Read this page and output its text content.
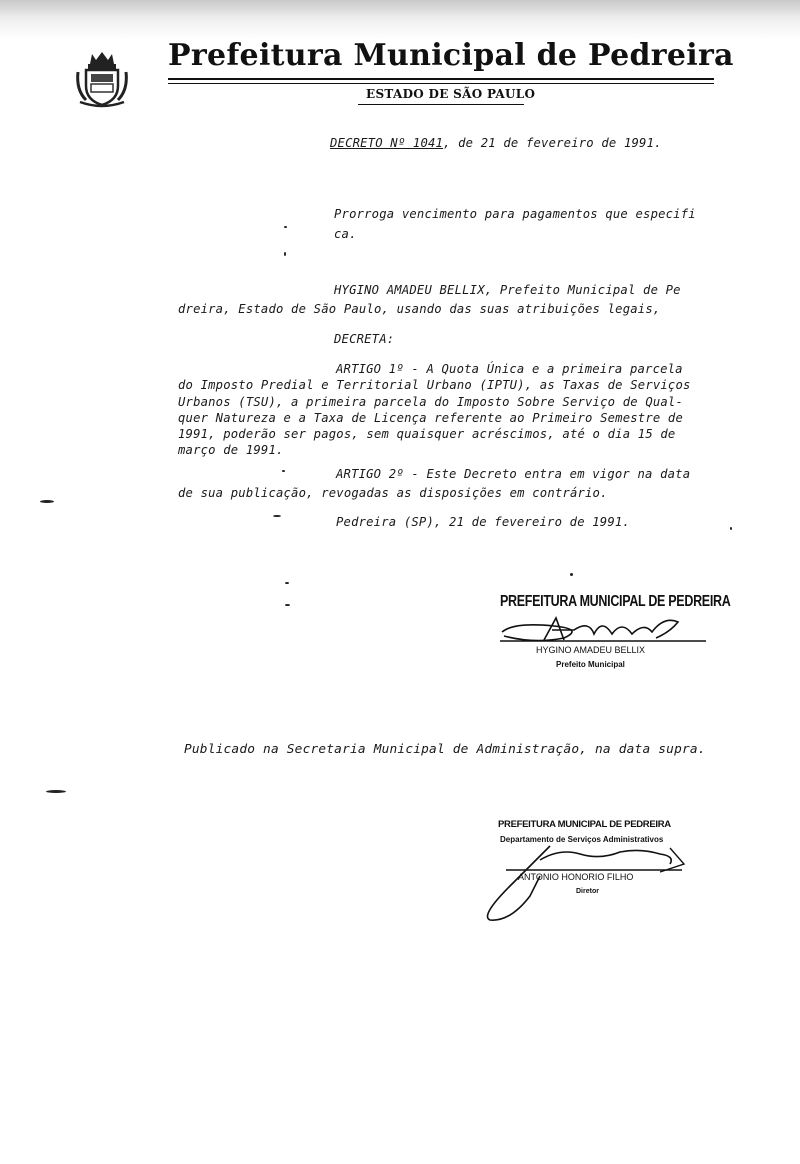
Prefeitura Municipal de Pedreira
ESTADO DE SÃO PAULO
DECRETO Nº 1041, de 21 de fevereiro de 1991.
Prorroga vencimento para pagamentos que especifi
ca.
HYGINO AMADEU BELLIX, Prefeito Municipal de Pe
dreira, Estado de São Paulo, usando das suas atribuições legais,
DECRETA:
ARTIGO 1º - A Quota Única e a primeira parcela
do Imposto Predial e Territorial Urbano (IPTU), as Taxas de Serviços
Urbanos (TSU), a primeira parcela do Imposto Sobre Serviço de Qual-
quer Natureza e a Taxa de Licença referente ao Primeiro Semestre de
1991, poderão ser pagos, sem quaisquer acréscimos, até o dia 15 de
março de 1991.
ARTIGO 2º - Este Decreto entra em vigor na data
de sua publicação, revogadas as disposições em contrário.
Pedreira (SP), 21 de fevereiro de 1991.
PREFEITURA MUNICIPAL DE PEDREIRA
HYGINO AMADEU BELLIX
Prefeito Municipal
Publicado na Secretaria Municipal de Administração, na data supra.
PREFEITURA MUNICIPAL DE PEDREIRA
Departamento de Serviços Administrativos
ANTONIO HONORIO FILHO
Diretor
